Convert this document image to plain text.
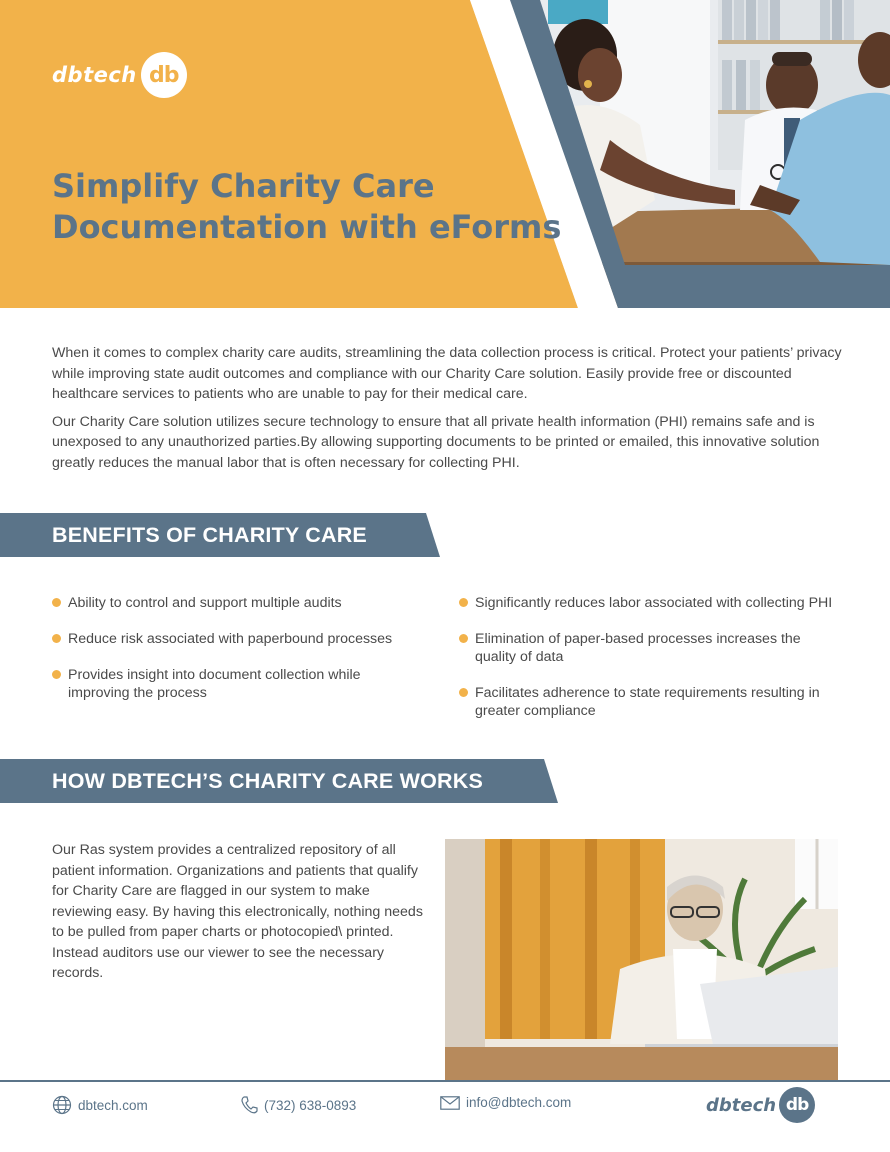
dbtech db
Simplify Charity Care
Documentation with eForms

When it comes to complex charity care audits, streamlining the data collection process is critical. Protect your patients’ privacy while improving state audit outcomes and compliance with our Charity Care solution. Easily provide free or discounted healthcare services to patients who are unable to pay for their medical care.

Our Charity Care solution utilizes secure technology to ensure that all private health information (PHI) remains safe and is unexposed to any unauthorized parties.By allowing supporting documents to be printed or emailed, this innovative solution greatly reduces the manual labor that is often necessary for collecting PHI.

BENEFITS OF CHARITY CARE
Ability to control and support multiple audits
Reduce risk associated with paperbound processes
Provides insight into document collection while improving the process
Significantly reduces labor associated with collecting PHI
Elimination of paper-based processes increases the quality of data
Facilitates adherence to state requirements resulting in greater compliance
HOW DBTECH’S CHARITY CARE WORKS

Our Ras system provides a centralized repository of all patient information. Organizations and patients that qualify for Charity Care are flagged in our system to make reviewing easy. By having this electronically, nothing needs to be pulled from paper charts or photocopied\ printed. Instead auditors use our viewer to see the necessary records.

dbtech.com	(732) 638-0893	info@dbtech.com	dbtech db
